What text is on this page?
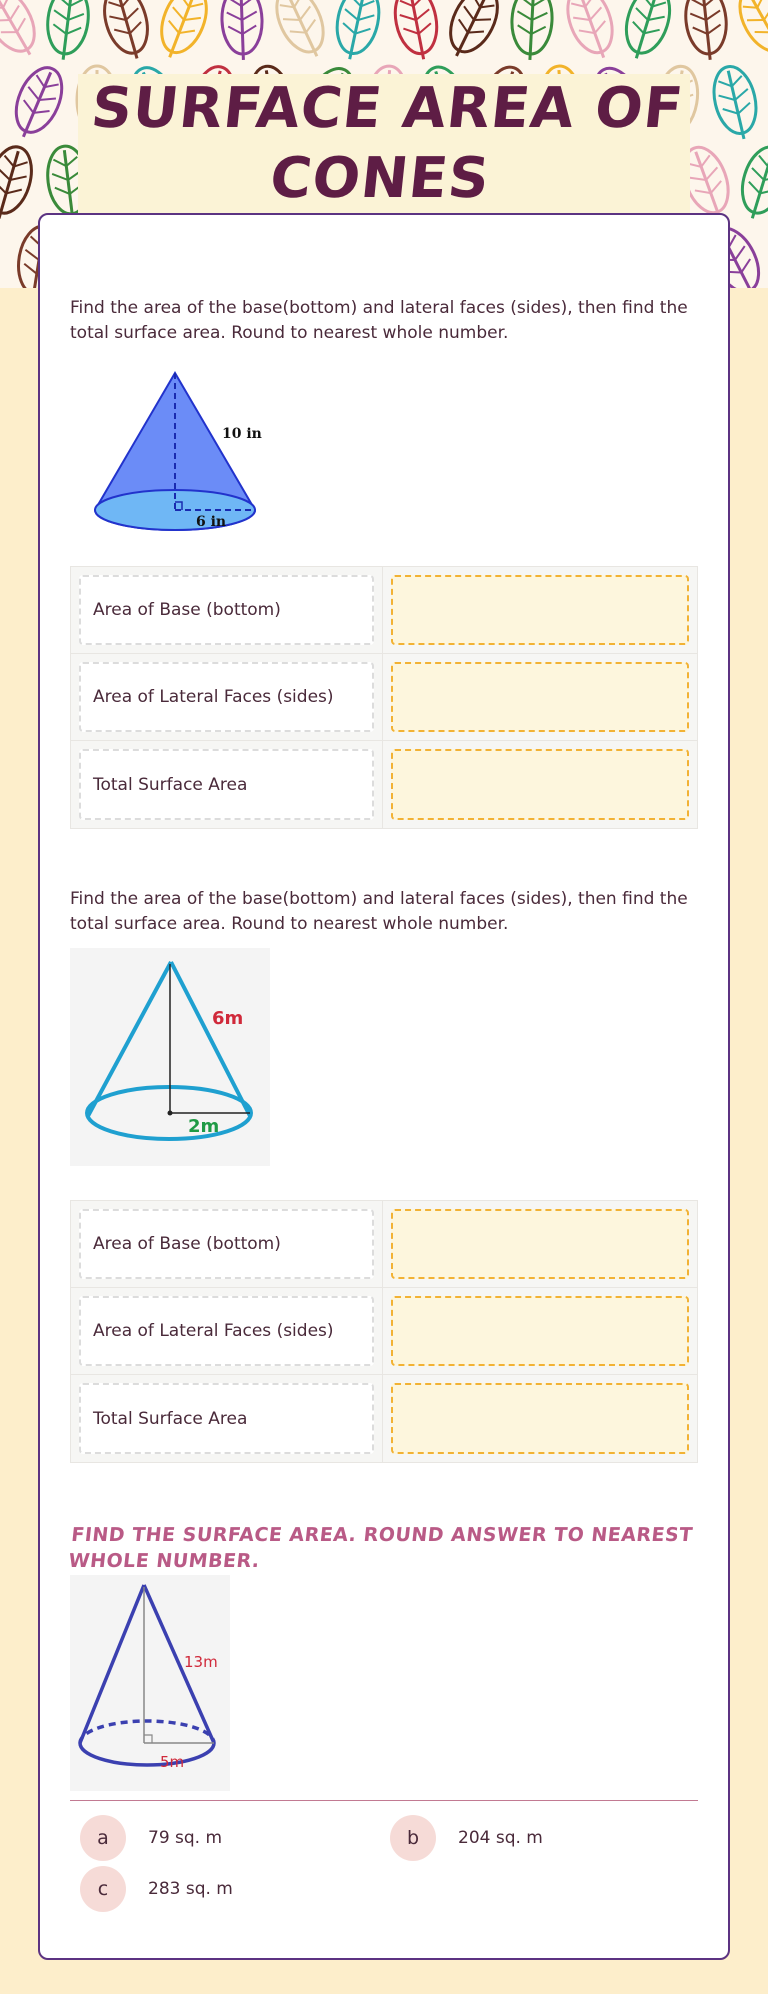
SURFACE AREA OF
CONES
Find the area of the base(bottom) and lateral faces (sides), then find the total surface area. Round to nearest whole number.
10 in
6 in
Area of Base (bottom)
Area of Lateral Faces (sides)
Total Surface Area
Find the area of the base(bottom) and lateral faces (sides), then find the total surface area. Round to nearest whole number.
6m
2m
Area of Base (bottom)
Area of Lateral Faces (sides)
Total Surface Area
FIND THE SURFACE AREA. ROUND ANSWER TO NEAREST WHOLE NUMBER.
13m
5m
a	79 sq. m	b	204 sq. m
c	283 sq. m
